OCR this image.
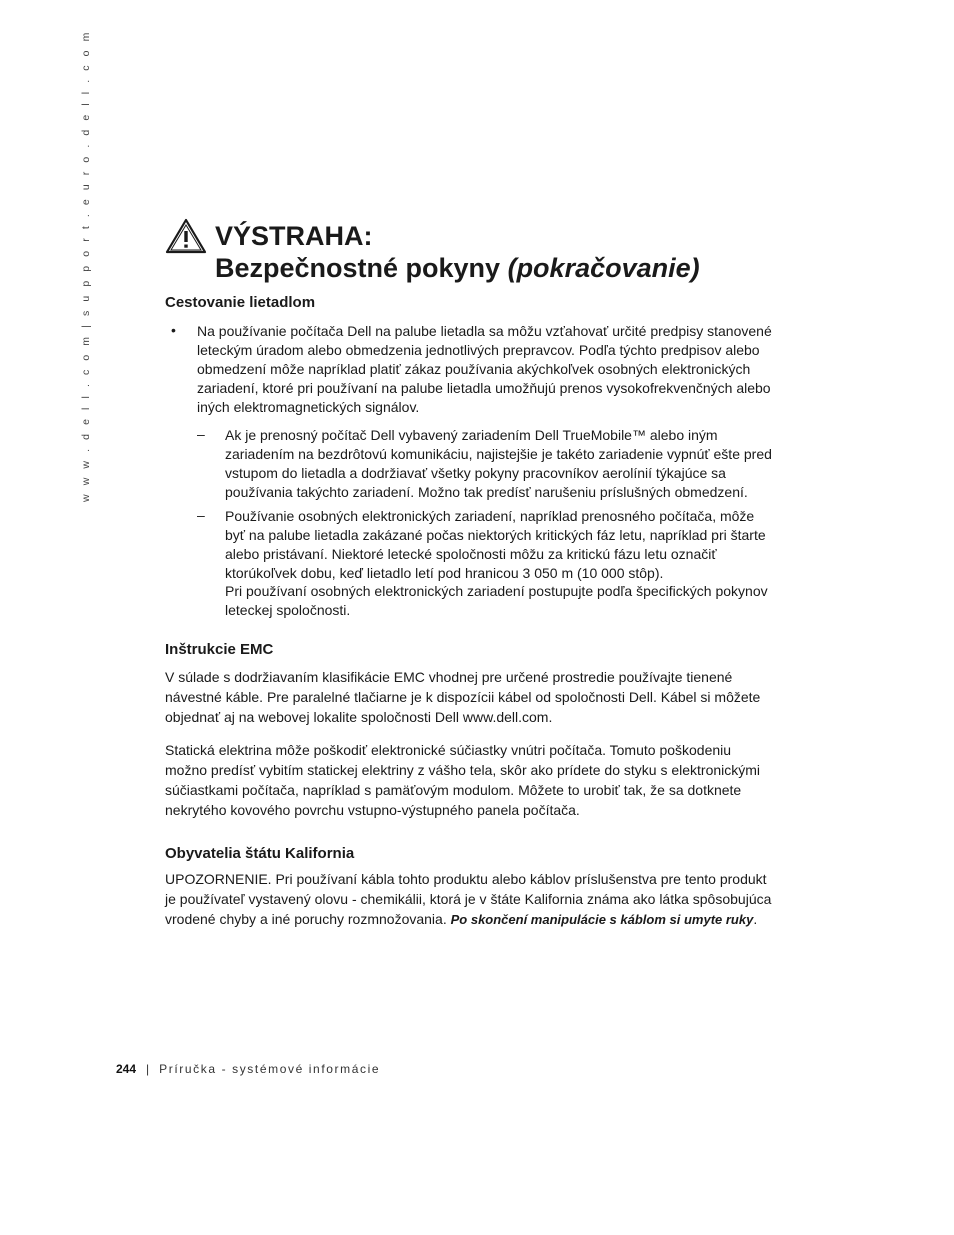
w w w . d e l l . c o m | s u p p o r t . e u r o . d e l l . c o m	VÝSTRAHA:
Bezpečnostné pokyny (pokračovanie)
Cestovanie lietadlom
• Na používanie počítača Dell na palube lietadla sa môžu vzťahovať určité predpisy stanovené leteckým úradom alebo obmedzenia jednotlivých prepravcov. Podľa týchto predpisov alebo obmedzení môže napríklad platiť zákaz používania akýchkoľvek osobných elektronických zariadení, ktoré pri používaní na palube lietadla umožňujú prenos vysokofrekvenčných alebo iných elektromagnetických signálov.

– Ak je prenosný počítač Dell vybavený zariadením Dell TrueMobile™ alebo iným zariadením na bezdrôtovú komunikáciu, najistejšie je takéto zariadenie vypnúť ešte pred vstupom do lietadla a dodržiavať všetky pokyny pracovníkov aerolínií týkajúce sa používania takýchto zariadení. Možno tak predísť narušeniu príslušných obmedzení.

– Používanie osobných elektronických zariadení, napríklad prenosného počítača, môže byť na palube lietadla zakázané počas niektorých kritických fáz letu, napríklad pri štarte alebo pristávaní. Niektoré letecké spoločnosti môžu za kritickú fázu letu označiť ktorúkoľvek dobu, keď lietadlo letí pod hranicou 3 050 m (10 000 stôp).

Pri používaní osobných elektronických zariadení postupujte podľa špecifických pokynov leteckej spoločnosti.

Inštrukcie EMC

V súlade s dodržiavaním klasifikácie EMC vhodnej pre určené prostredie používajte tienené návestné káble. Pre paralelné tlačiarne je k dispozícii kábel od spoločnosti Dell. Kábel si môžete objednať aj na webovej lokalite spoločnosti Dell www.dell.com.

Statická elektrina môže poškodiť elektronické súčiastky vnútri počítača. Tomuto poškodeniu možno predísť vybitím statickej elektriny z vášho tela, skôr ako prídete do styku s elektronickými súčiastkami počítača, napríklad s pamäťovým modulom. Môžete to urobiť tak, že sa dotknete nekrytého kovového povrchu vstupno-výstupného panela počítača.

Obyvatelia štátu Kalifornia

UPOZORNENIE. Pri používaní kábla tohto produktu alebo káblov príslušenstva pre tento produkt je používateľ vystavený olovu - chemikálii, ktorá je v štáte Kalifornia známa ako látka spôsobujúca vrodené chyby a iné poruchy rozmnožovania. Po skončení manipulácie s káblom si umyte ruky.

244 | Príručka - systémové informácie
